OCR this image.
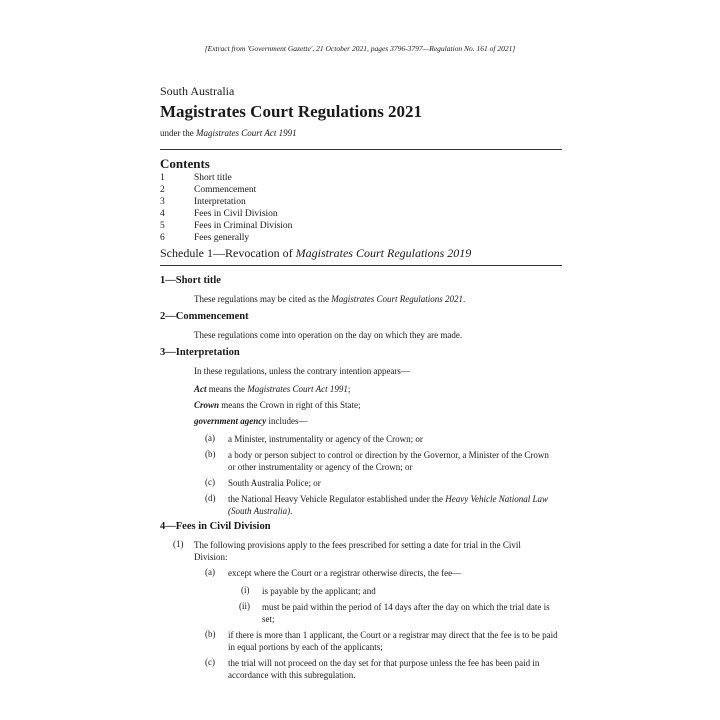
[Extract from 'Government Gazette', 21 October 2021, pages 3796-3797—Regulation No. 161 of 2021]
South Australia
Magistrates Court Regulations 2021
under the Magistrates Court Act 1991
Contents
1	Short title
2	Commencement
3	Interpretation
4	Fees in Civil Division
5	Fees in Criminal Division
6	Fees generally
Schedule 1—Revocation of Magistrates Court Regulations 2019
1—Short title
These regulations may be cited as the Magistrates Court Regulations 2021.
2—Commencement
These regulations come into operation on the day on which they are made.
3—Interpretation
In these regulations, unless the contrary intention appears—
Act means the Magistrates Court Act 1991;
Crown means the Crown in right of this State;
government agency includes—
(a) a Minister, instrumentality or agency of the Crown; or
(b) a body or person subject to control or direction by the Governor, a Minister of the Crown or other instrumentality or agency of the Crown; or
(c) South Australia Police; or
(d) the National Heavy Vehicle Regulator established under the Heavy Vehicle National Law (South Australia).
4—Fees in Civil Division
(1) The following provisions apply to the fees prescribed for setting a date for trial in the Civil Division:
(a) except where the Court or a registrar otherwise directs, the fee—
(i) is payable by the applicant; and
(ii) must be paid within the period of 14 days after the day on which the trial date is set;
(b) if there is more than 1 applicant, the Court or a registrar may direct that the fee is to be paid in equal portions by each of the applicants;
(c) the trial will not proceed on the day set for that purpose unless the fee has been paid in accordance with this subregulation.
